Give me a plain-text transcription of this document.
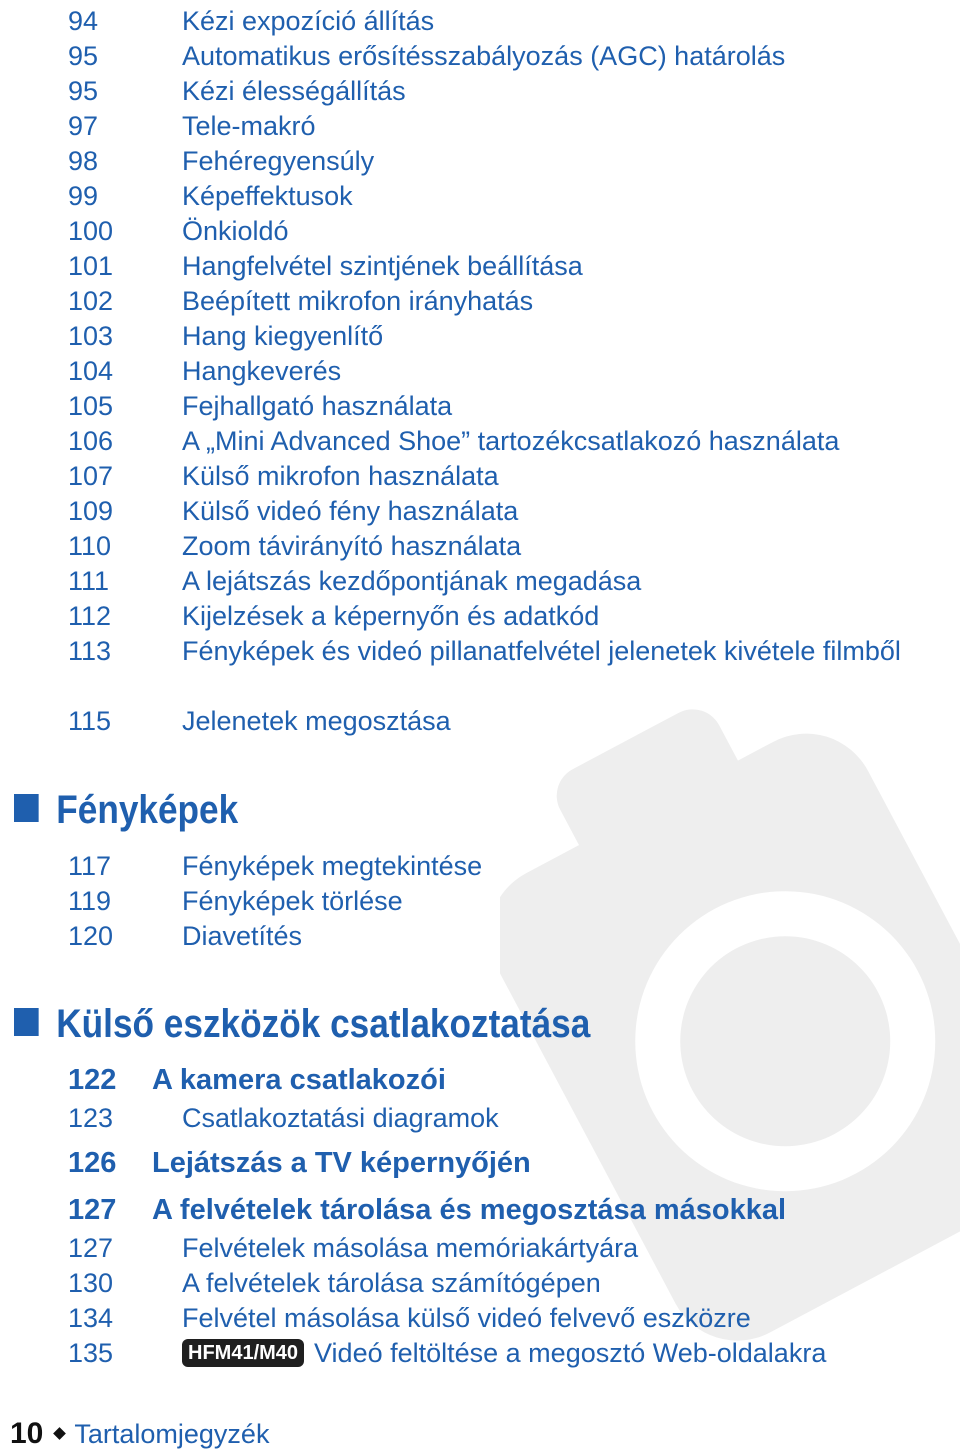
94	Kézi expozíció állítás
95	Automatikus erősítésszabályozás (AGC) határolás
95	Kézi élességállítás
97	Tele-makró
98	Fehéregyensúly
99	Képeffektusok
100	Önkioldó
101	Hangfelvétel szintjének beállítása
102	Beépített mikrofon irányhatás
103	Hang kiegyenlítő
104	Hangkeverés
105	Fejhallgató használata
106	A „Mini Advanced Shoe” tartozékcsatlakozó használata
107	Külső mikrofon használata
109	Külső videó fény használata
110	Zoom távirányító használata
111	A lejátszás kezdőpontjának megadása
112	Kijelzések a képernyőn és adatkód
113	Fényképek és videó pillanatfelvétel jelenetek kivétele filmből
115	Jelenetek megosztása
Fényképek
117	Fényképek megtekintése
119	Fényképek törlése
120	Diavetítés
Külső eszközök csatlakoztatása
122	A kamera csatlakozói
123	Csatlakoztatási diagramok
126	Lejátszás a TV képernyőjén
127	A felvételek tárolása és megosztása másokkal
127	Felvételek másolása memóriakártyára
130	A felvételek tárolása számítógépen
134	Felvétel másolása külső videó felvevő eszközre
135	HFM41/M40 Videó feltöltése a megosztó Web-oldalakra
10 Tartalomjegyzék
